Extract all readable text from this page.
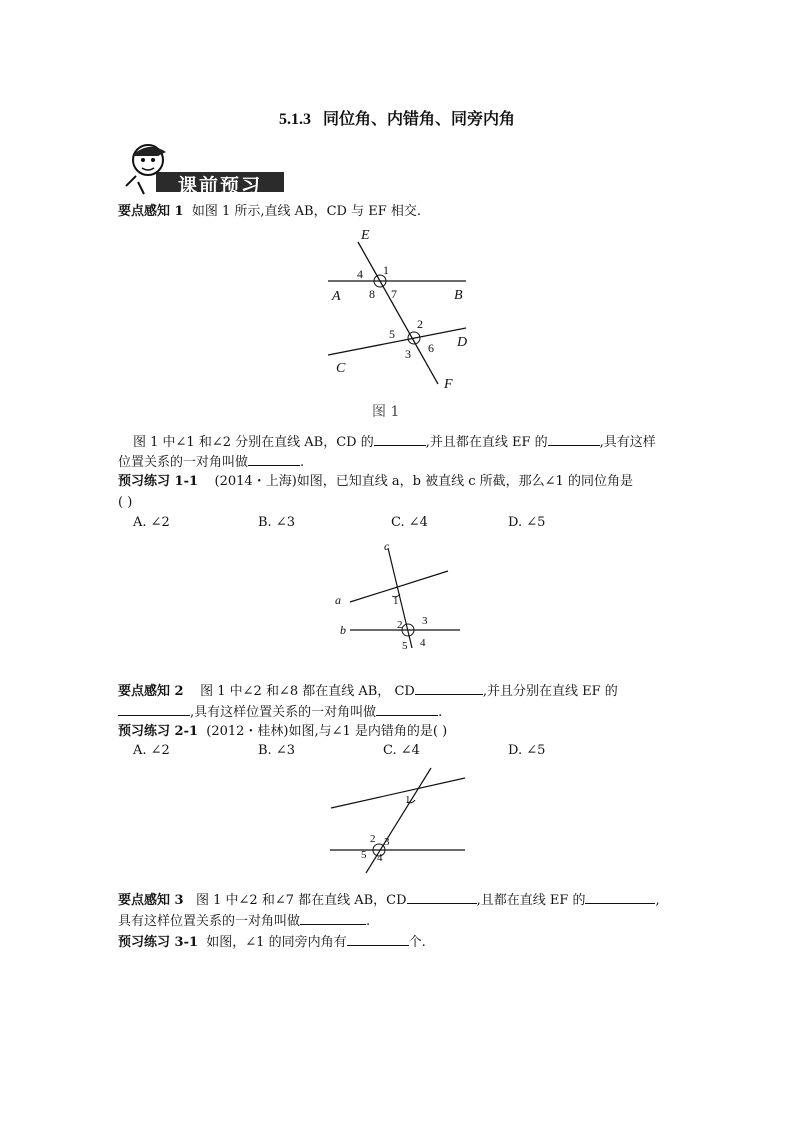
5.1.3 同位角、内错角、同旁内角
课前预习
要点感知 1 如图 1 所示,直线 AB，CD 与 EF 相交.
E
A	B
C
D
F
1
4
8 7
2
5
3 6
图 1
图 1 中∠1 和∠2 分别在直线 AB，CD 的	,并且都在直线 EF 的	,具有这样
位置关系的一对角叫做	.
预习练习 1-1 (2014・上海)如图，已知直线 a，b 被直线 c 所截，那么∠1 的同位角是
( )
A. ∠2	B. ∠3	C. ∠4	D. ∠5
c
a
b
1
2 3
4
5
要点感知 2 图 1 中∠2 和∠8 都在直线 AB， CD	,并且分别在直线 EF 的
,具有这样位置关系的一对角叫做	.
预习练习 2-1 (2012・桂林)如图,与∠1 是内错角的是( )
A. ∠2	B. ∠3	C. ∠4	D. ∠5
1
2 3
4
5
要点感知 3 图 1 中∠2 和∠7 都在直线 AB，CD	,且都在直线 EF 的	,
具有这样位置关系的一对角叫做	.
预习练习 3-1 如图，∠1 的同旁内角有	个.
